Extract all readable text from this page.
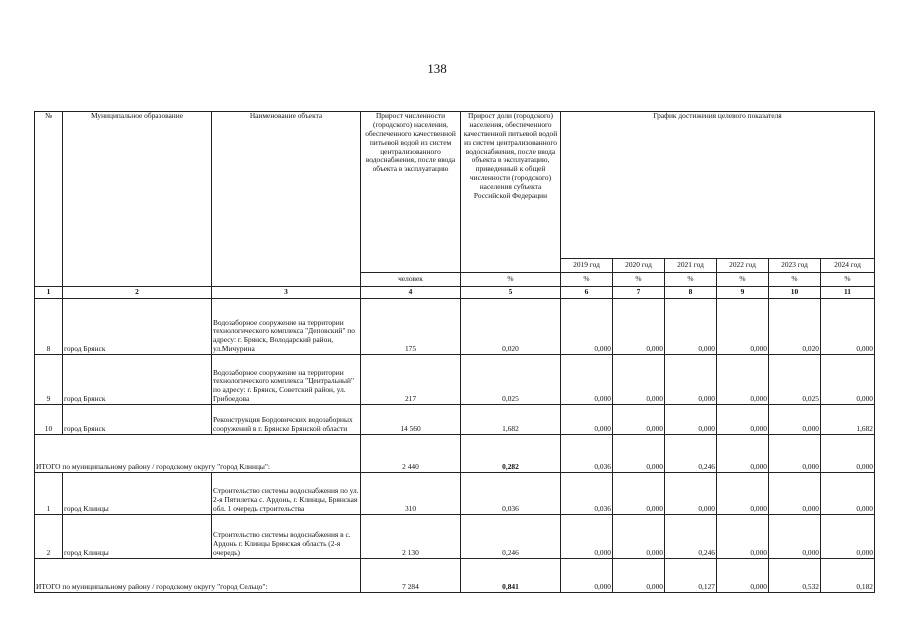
138
№	Муниципальное образование	Наименование объекта	Прирост численности (городского) населения, обеспеченного качественной питьевой водой из систем централизованного водоснабжения, после ввода объекта в эксплуатацию	Прирост доли (городского) населения, обеспеченного качественной питьевой водой из систем централизованного водоснабжения, после ввода объекта в эксплуатацию, приведенный к общей численности (городского) населения субъекта Российской Федерации	График достижения целевого показателя					
					2019 год	2020 год	2021 год	2022 год	2023 год	2024 год
			человек	%	%	%	%	%	%	%
1	2	3	4	5	6	7	8	9	10	11
8	город Брянск	Водозаборное сооружение на территории технологического комплекса "Деповский" по адресу: г. Брянск, Володарский район, ул.Мичурина	175	0,020	0,000	0,000	0,000	0,000	0,020	0,000
9	город Брянск	Водозаборное сооружение на территории технологического комплекса "Центральный" по адресу: г. Брянск, Советский район, ул. Грибоедова	217	0,025	0,000	0,000	0,000	0,000	0,025	0,000
10	город Брянск	Реконструкция Бордовичских водозаборных сооружений в г. Брянске Брянской области	14 560	1,682	0,000	0,000	0,000	0,000	0,000	1,682
ИТОГО по муниципальному району / городскому округу "город Клинцы":			2 440	0,282	0,036	0,000	0,246	0,000	0,000	0,000
1	город Клинцы	Строительство системы водоснабжения по ул. 2-я Пятилетка с. Ардонь, г. Клинцы, Брянская обл. 1 очередь строительства	310	0,036	0,036	0,000	0,000	0,000	0,000	0,000
2	город Клинцы	Строительство системы водоснабжения в с. Ардонь г. Клинцы Брянская область (2-я очередь)	2 130	0,246	0,000	0,000	0,246	0,000	0,000	0,000
ИТОГО по муниципальному району / городскому округу "город Сельцо":			7 284	0,841	0,000	0,000	0,127	0,000	0,532	0,182
